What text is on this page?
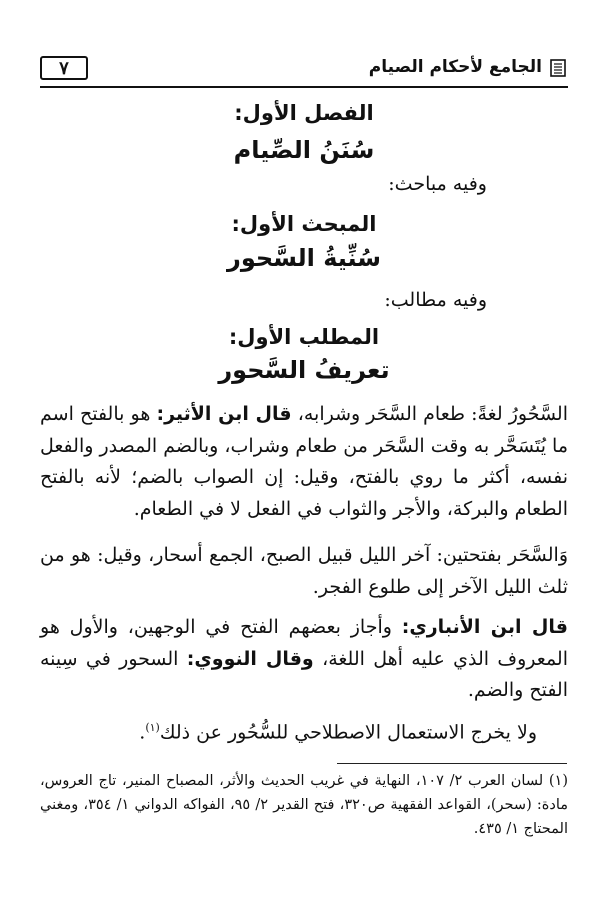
٧	الجامع لأحكام الصيام
الفصل الأول:
سُنَنُ الصِّيام
وفيه مباحث:
المبحث الأول:
سُنِّيةُ السَّحور
وفيه مطالب:
المطلب الأول:
تعريفُ السَّحور
السَّحُورُ لغةً: طعام السَّحَر وشرابه، قال ابن الأثير: هو بالفتح اسم ما يُتَسَحَّر به وقت السَّحَر من طعام وشراب، وبالضم المصدر والفعل نفسه، أكثر ما روي بالفتح، وقيل: إن الصواب بالضم؛ لأنه بالفتح الطعام والبركة، والأجر والثواب في الفعل لا في الطعام.
وَالسَّحَر بفتحتين: آخر الليل قبيل الصبح، الجمع أسحار، وقيل: هو من ثلث الليل الآخر إلى طلوع الفجر.
قال ابن الأنباري: وأجاز بعضهم الفتح في الوجهين، والأول هو المعروف الذي عليه أهل اللغة، وقال النووي: السحور في سِينه الفتح والضم.
ولا يخرج الاستعمال الاصطلاحي للسُّحُور عن ذلك$^{(١)}$.
(١) لسان العرب ٢/ ١٠٧، النهاية في غريب الحديث والأثر، المصباح المنير، تاج العروس، مادة: (سحر)، القواعد الفقهية ص٣٢٠، فتح القدير ٢/ ٩٥، الفواكه الدواني ١/ ٣٥٤، ومغني المحتاج ١/ ٤٣٥.
